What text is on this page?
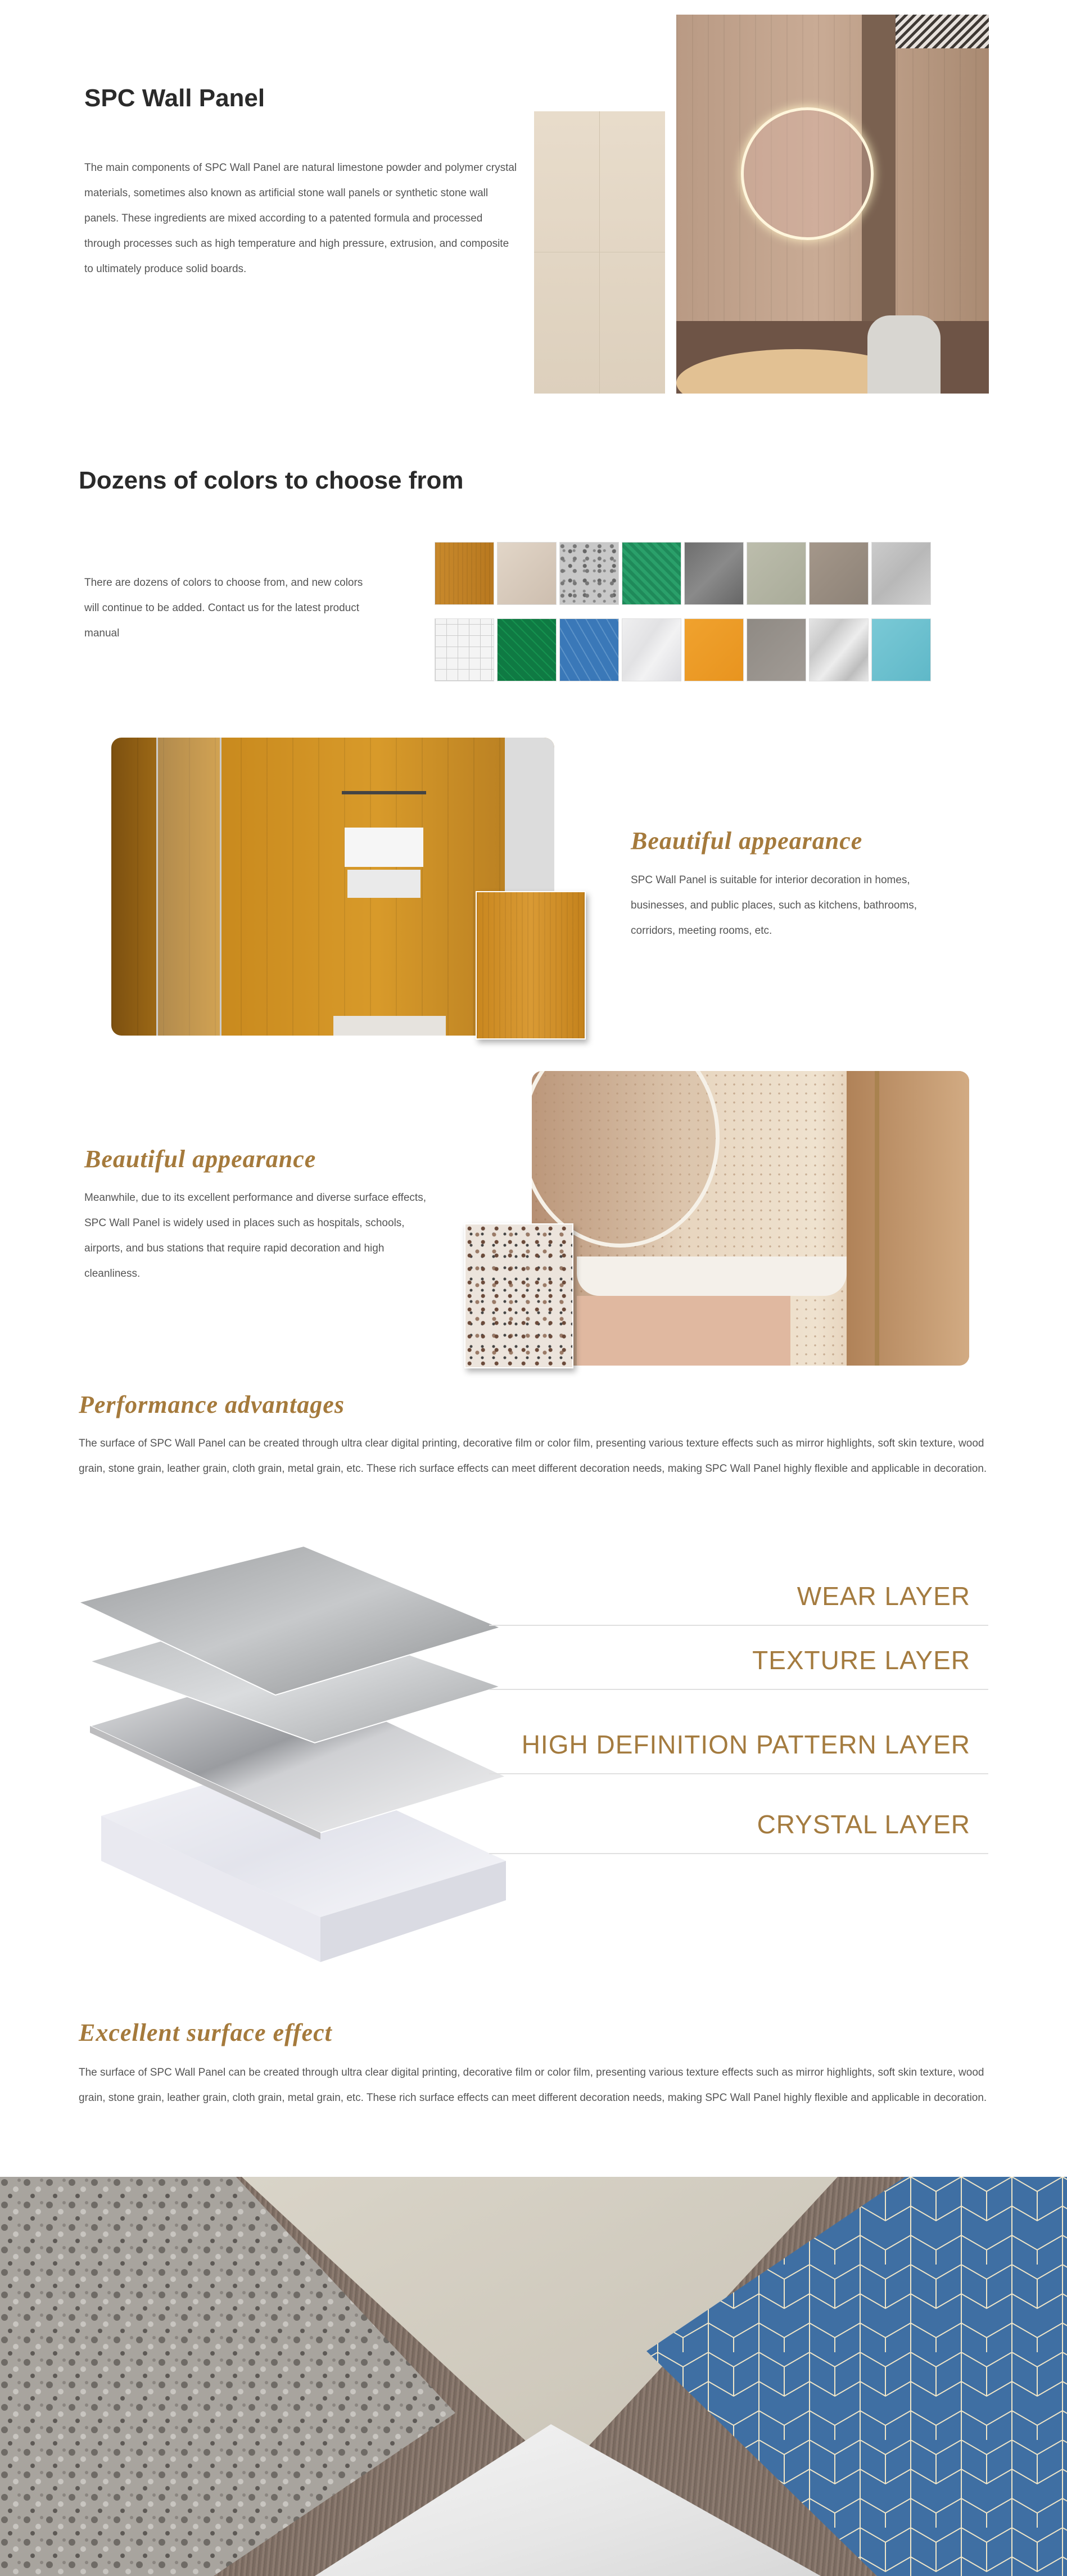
SPC Wall Panel

The main components of SPC Wall Panel are natural limestone powder and polymer crystal materials, sometimes also known as artificial stone wall panels or synthetic stone wall panels. These ingredients are mixed according to a patented formula and processed through processes such as high temperature and high pressure, extrusion, and composite to ultimately produce solid boards.

Dozens of colors to choose from

There are dozens of colors to choose from, and new colors will continue to be added. Contact us for the latest product manual

Beautiful appearance

SPC Wall Panel is suitable for interior decoration in homes, businesses, and public places, such as kitchens, bathrooms, corridors, meeting rooms, etc.

Beautiful appearance

Meanwhile, due to its excellent performance and diverse surface effects, SPC Wall Panel is widely used in places such as hospitals, schools, airports, and bus stations that require rapid decoration and high cleanliness.

Performance advantages

The surface of SPC Wall Panel can be created through ultra clear digital printing, decorative film or color film, presenting various texture effects such as mirror highlights, soft skin texture, wood grain, stone grain, leather grain, cloth grain, metal grain, etc. These rich surface effects can meet different decoration needs, making SPC Wall Panel highly flexible and applicable in decoration.

WEAR LAYER
TEXTURE LAYER
HIGH DEFINITION PATTERN LAYER
CRYSTAL LAYER
Excellent surface effect

The surface of SPC Wall Panel can be created through ultra clear digital printing, decorative film or color film, presenting various texture effects such as mirror highlights, soft skin texture, wood grain, stone grain, leather grain, cloth grain, metal grain, etc. These rich surface effects can meet different decoration needs, making SPC Wall Panel highly flexible and applicable in decoration.
